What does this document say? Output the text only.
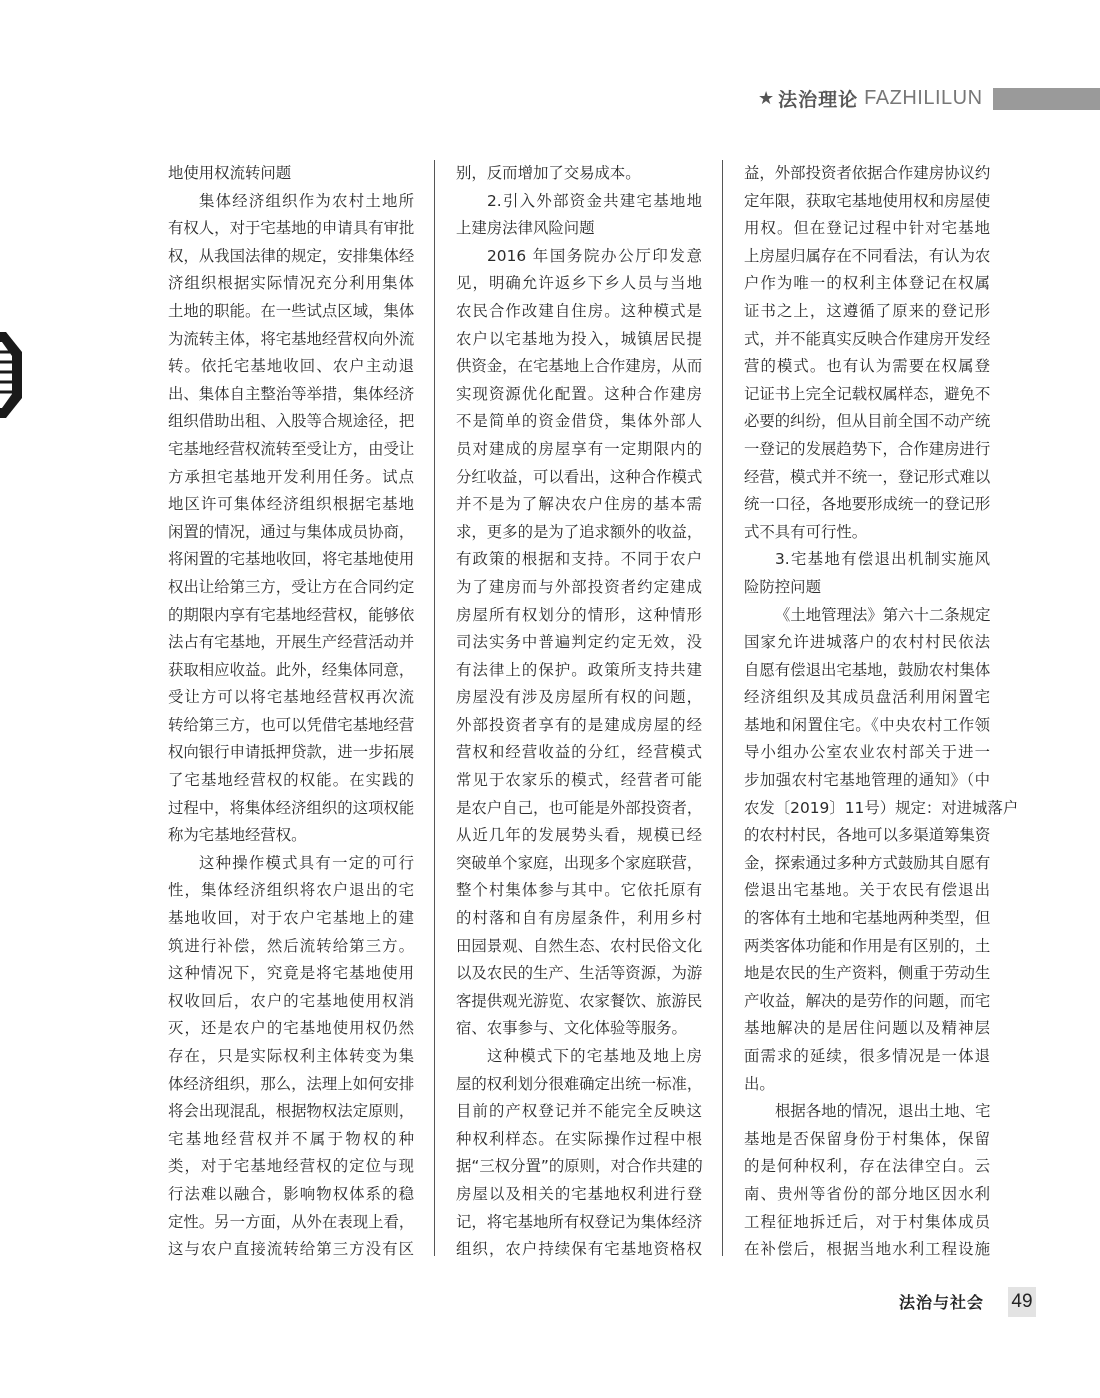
★ 法治理论 FAZHILILUN
地使用权流转问题
集体经济组织作为农村土地所
有权人，对于宅基地的申请具有审批
权，从我国法律的规定，安排集体经
济组织根据实际情况充分利用集体
土地的职能。在一些试点区域，集体
为流转主体，将宅基地经营权向外流
转。依托宅基地收回、农户主动退
出、集体自主整治等举措，集体经济
组织借助出租、入股等合规途径，把
宅基地经营权流转至受让方，由受让
方承担宅基地开发利用任务。试点
地区许可集体经济组织根据宅基地
闲置的情况，通过与集体成员协商，
将闲置的宅基地收回，将宅基地使用
权出让给第三方，受让方在合同约定
的期限内享有宅基地经营权，能够依
法占有宅基地，开展生产经营活动并
获取相应收益。此外，经集体同意，
受让方可以将宅基地经营权再次流
转给第三方，也可以凭借宅基地经营
权向银行申请抵押贷款，进一步拓展
了宅基地经营权的权能。在实践的
过程中，将集体经济组织的这项权能
称为宅基地经营权。
这种操作模式具有一定的可行
性，集体经济组织将农户退出的宅
基地收回，对于农户宅基地上的建
筑进行补偿，然后流转给第三方。
这种情况下，究竟是将宅基地使用
权收回后，农户的宅基地使用权消
灭，还是农户的宅基地使用权仍然
存在，只是实际权利主体转变为集
体经济组织，那么，法理上如何安排
将会出现混乱，根据物权法定原则，
宅基地经营权并不属于物权的种
类，对于宅基地经营权的定位与现
行法难以融合，影响物权体系的稳
定性。另一方面，从外在表现上看，
这与农户直接流转给第三方没有区
别，反而增加了交易成本。
2.引入外部资金共建宅基地地
上建房法律风险问题
2016 年国务院办公厅印发意
见，明确允许返乡下乡人员与当地
农民合作改建自住房。这种模式是
农户以宅基地为投入，城镇居民提
供资金，在宅基地上合作建房，从而
实现资源优化配置。这种合作建房
不是简单的资金借贷，集体外部人
员对建成的房屋享有一定期限内的
分红收益，可以看出，这种合作模式
并不是为了解决农户住房的基本需
求，更多的是为了追求额外的收益，
有政策的根据和支持。不同于农户
为了建房而与外部投资者约定建成
房屋所有权划分的情形，这种情形
司法实务中普遍判定约定无效，没
有法律上的保护。政策所支持共建
房屋没有涉及房屋所有权的问题，
外部投资者享有的是建成房屋的经
营权和经营收益的分红，经营模式
常见于农家乐的模式，经营者可能
是农户自己，也可能是外部投资者，
从近几年的发展势头看，规模已经
突破单个家庭，出现多个家庭联营，
整个村集体参与其中。它依托原有
的村落和自有房屋条件，利用乡村
田园景观、自然生态、农村民俗文化
以及农民的生产、生活等资源，为游
客提供观光游览、农家餐饮、旅游民
宿、农事参与、文化体验等服务。
这种模式下的宅基地及地上房
屋的权利划分很难确定出统一标准，
目前的产权登记并不能完全反映这
种权利样态。在实际操作过程中根
据“三权分置”的原则，对合作共建的
房屋以及相关的宅基地权利进行登
记，将宅基地所有权登记为集体经济
组织，农户持续保有宅基地资格权
益，外部投资者依据合作建房协议约
定年限，获取宅基地使用权和房屋使
用权。但在登记过程中针对宅基地
上房屋归属存在不同看法，有认为农
户作为唯一的权利主体登记在权属
证书之上，这遵循了原来的登记形
式，并不能真实反映合作建房开发经
营的模式。也有认为需要在权属登
记证书上完全记载权属样态，避免不
必要的纠纷，但从目前全国不动产统
一登记的发展趋势下，合作建房进行
经营，模式并不统一，登记形式难以
统一口径，各地要形成统一的登记形
式不具有可行性。
3.宅基地有偿退出机制实施风
险防控问题
《土地管理法》第六十二条规定
国家允许进城落户的农村村民依法
自愿有偿退出宅基地，鼓励农村集体
经济组织及其成员盘活利用闲置宅
基地和闲置住宅。《中央农村工作领
导小组办公室农业农村部关于进一
步加强农村宅基地管理的通知》（中
农发〔2019〕11号）规定：对进城落户
的农村村民，各地可以多渠道筹集资
金，探索通过多种方式鼓励其自愿有
偿退出宅基地。关于农民有偿退出
的客体有土地和宅基地两种类型，但
两类客体功能和作用是有区别的，土
地是农民的生产资料，侧重于劳动生
产收益，解决的是劳作的问题，而宅
基地解决的是居住问题以及精神层
面需求的延续，很多情况是一体退
出。
根据各地的情况，退出土地、宅
基地是否保留身份于村集体，保留
的是何种权利，存在法律空白。云
南、贵州等省份的部分地区因水利
工程征地拆迁后，对于村集体成员
在补偿后，根据当地水利工程设施
法治与社会 49
